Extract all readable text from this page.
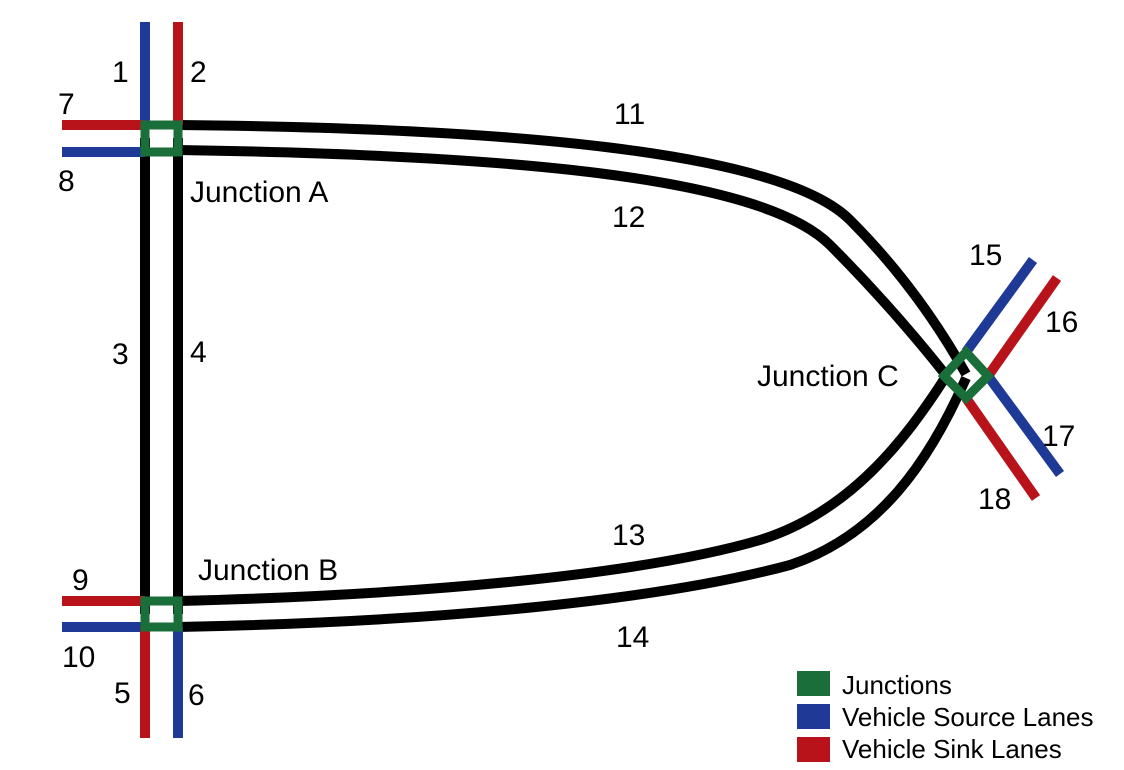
1 2
7
8
3 4
9
10
5 6
11
12
13
14
15
16
17
18
Junction A
Junction B
Junction C
Junctions
Vehicle Source Lanes
Vehicle Sink Lanes
